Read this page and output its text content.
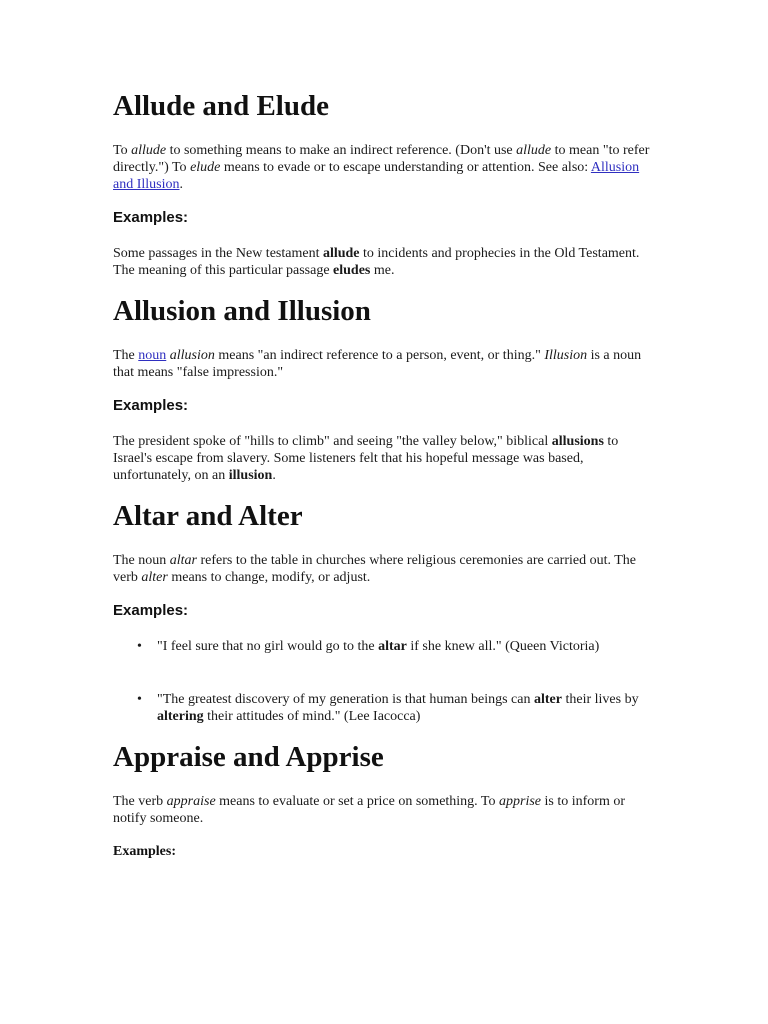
Allude and Elude

To allude to something means to make an indirect reference. (Don't use allude to mean "to refer directly.") To elude means to evade or to escape understanding or attention. See also: Allusion and Illusion.

Examples:

Some passages in the New testament allude to incidents and prophecies in the Old Testament. The meaning of this particular passage eludes me.

Allusion and Illusion

The noun allusion means "an indirect reference to a person, event, or thing." Illusion is a noun that means "false impression."

Examples:

The president spoke of "hills to climb" and seeing "the valley below," biblical allusions to Israel's escape from slavery. Some listeners felt that his hopeful message was based, unfortunately, on an illusion.

Altar and Alter

The noun altar refers to the table in churches where religious ceremonies are carried out. The verb alter means to change, modify, or adjust.

Examples:
• "I feel sure that no girl would go to the altar if she knew all." (Queen Victoria)
• "The greatest discovery of my generation is that human beings can alter their lives by altering their attitudes of mind." (Lee Iacocca)
Appraise and Apprise

The verb appraise means to evaluate or set a price on something. To apprise is to inform or notify someone.

Examples:
